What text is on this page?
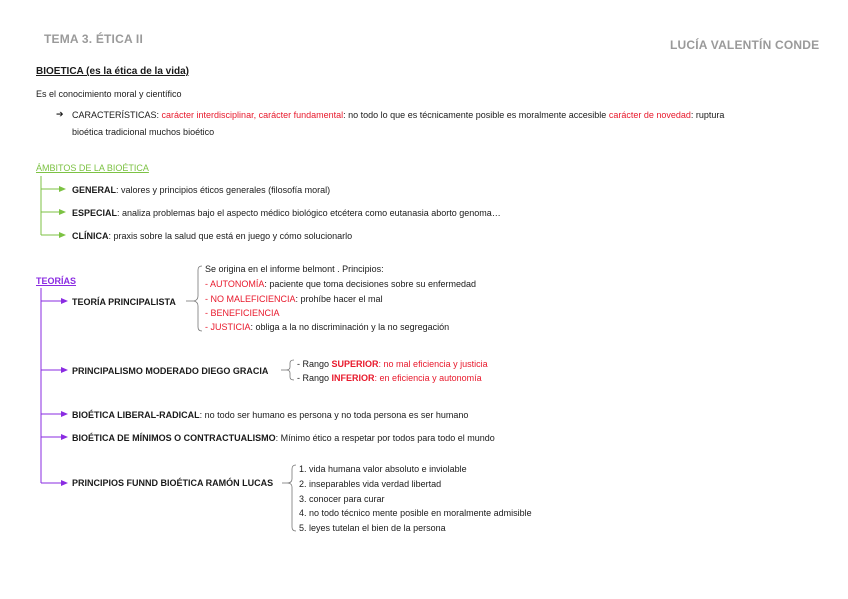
TEMA 3. ÉTICA II	LUCÍA VALENTÍN CONDE
BIOETICA (es la ética de la vida)
Es el conocimiento moral y científico
➔ CARACTERÍSTICAS: carácter interdisciplinar, carácter fundamental: no todo lo que es técnicamente posible es moralmente accesible carácter de novedad: ruptura
bioética tradicional muchos bioético
ÁMBITOS DE LA BIOÉTICA
GENERAL: valores y principios éticos generales (filosofía moral)
ESPECIAL: analiza problemas bajo el aspecto médico biológico etcétera como eutanasia aborto genoma…
CLÍNICA: praxis sobre la salud que está en juego y cómo solucionarlo
TEORÍAS
TEORÍA PRINCIPALISTA
Se origina en el informe belmont . Principios:
- AUTONOMÍA: paciente que toma decisiones sobre su enfermedad
- NO MALEFICIENCIA: prohíbe hacer el mal
- BENEFICIENCIA
- JUSTICIA: obliga a la no discriminación y la no segregación
PRINCIPALISMO MODERADO DIEGO GRACIA
- Rango SUPERIOR: no mal eficiencia y justicia
- Rango INFERIOR: en eficiencia y autonomía
BIOÉTICA LIBERAL-RADICAL: no todo ser humano es persona y no toda persona es ser humano
BIOÉTICA DE MÍNIMOS O CONTRACTUALISMO: Mínimo ético a respetar por todos para todo el mundo
PRINCIPIOS FUNND BIOÉTICA RAMÓN LUCAS
1. vida humana valor absoluto e inviolable
2. inseparables vida verdad libertad
3. conocer para curar
4. no todo técnico mente posible en moralmente admisible
5. leyes tutelan el bien de la persona
